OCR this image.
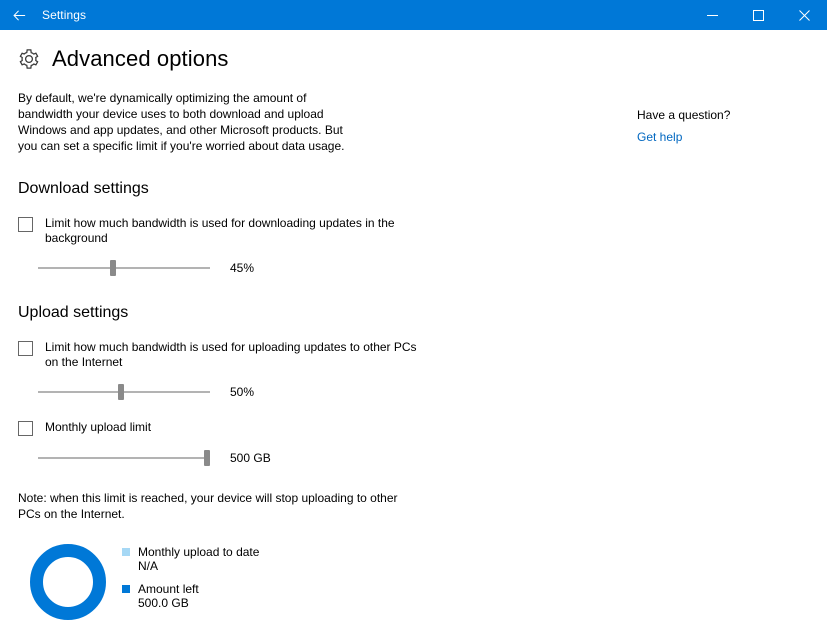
Settings
Advanced options
Have a question?
Get help
By default, we're dynamically optimizing the amount of bandwidth your device uses to both download and upload Windows and app updates, and other Microsoft products. But you can set a specific limit if you're worried about data usage.
Download settings
Limit how much bandwidth is used for downloading updates in the background
45%
Upload settings
Limit how much bandwidth is used for uploading updates to other PCs on the Internet
50%
Monthly upload limit
500 GB
Note: when this limit is reached, your device will stop uploading to other PCs on the Internet.
Monthly upload to date
N/A
Amount left
500.0 GB
